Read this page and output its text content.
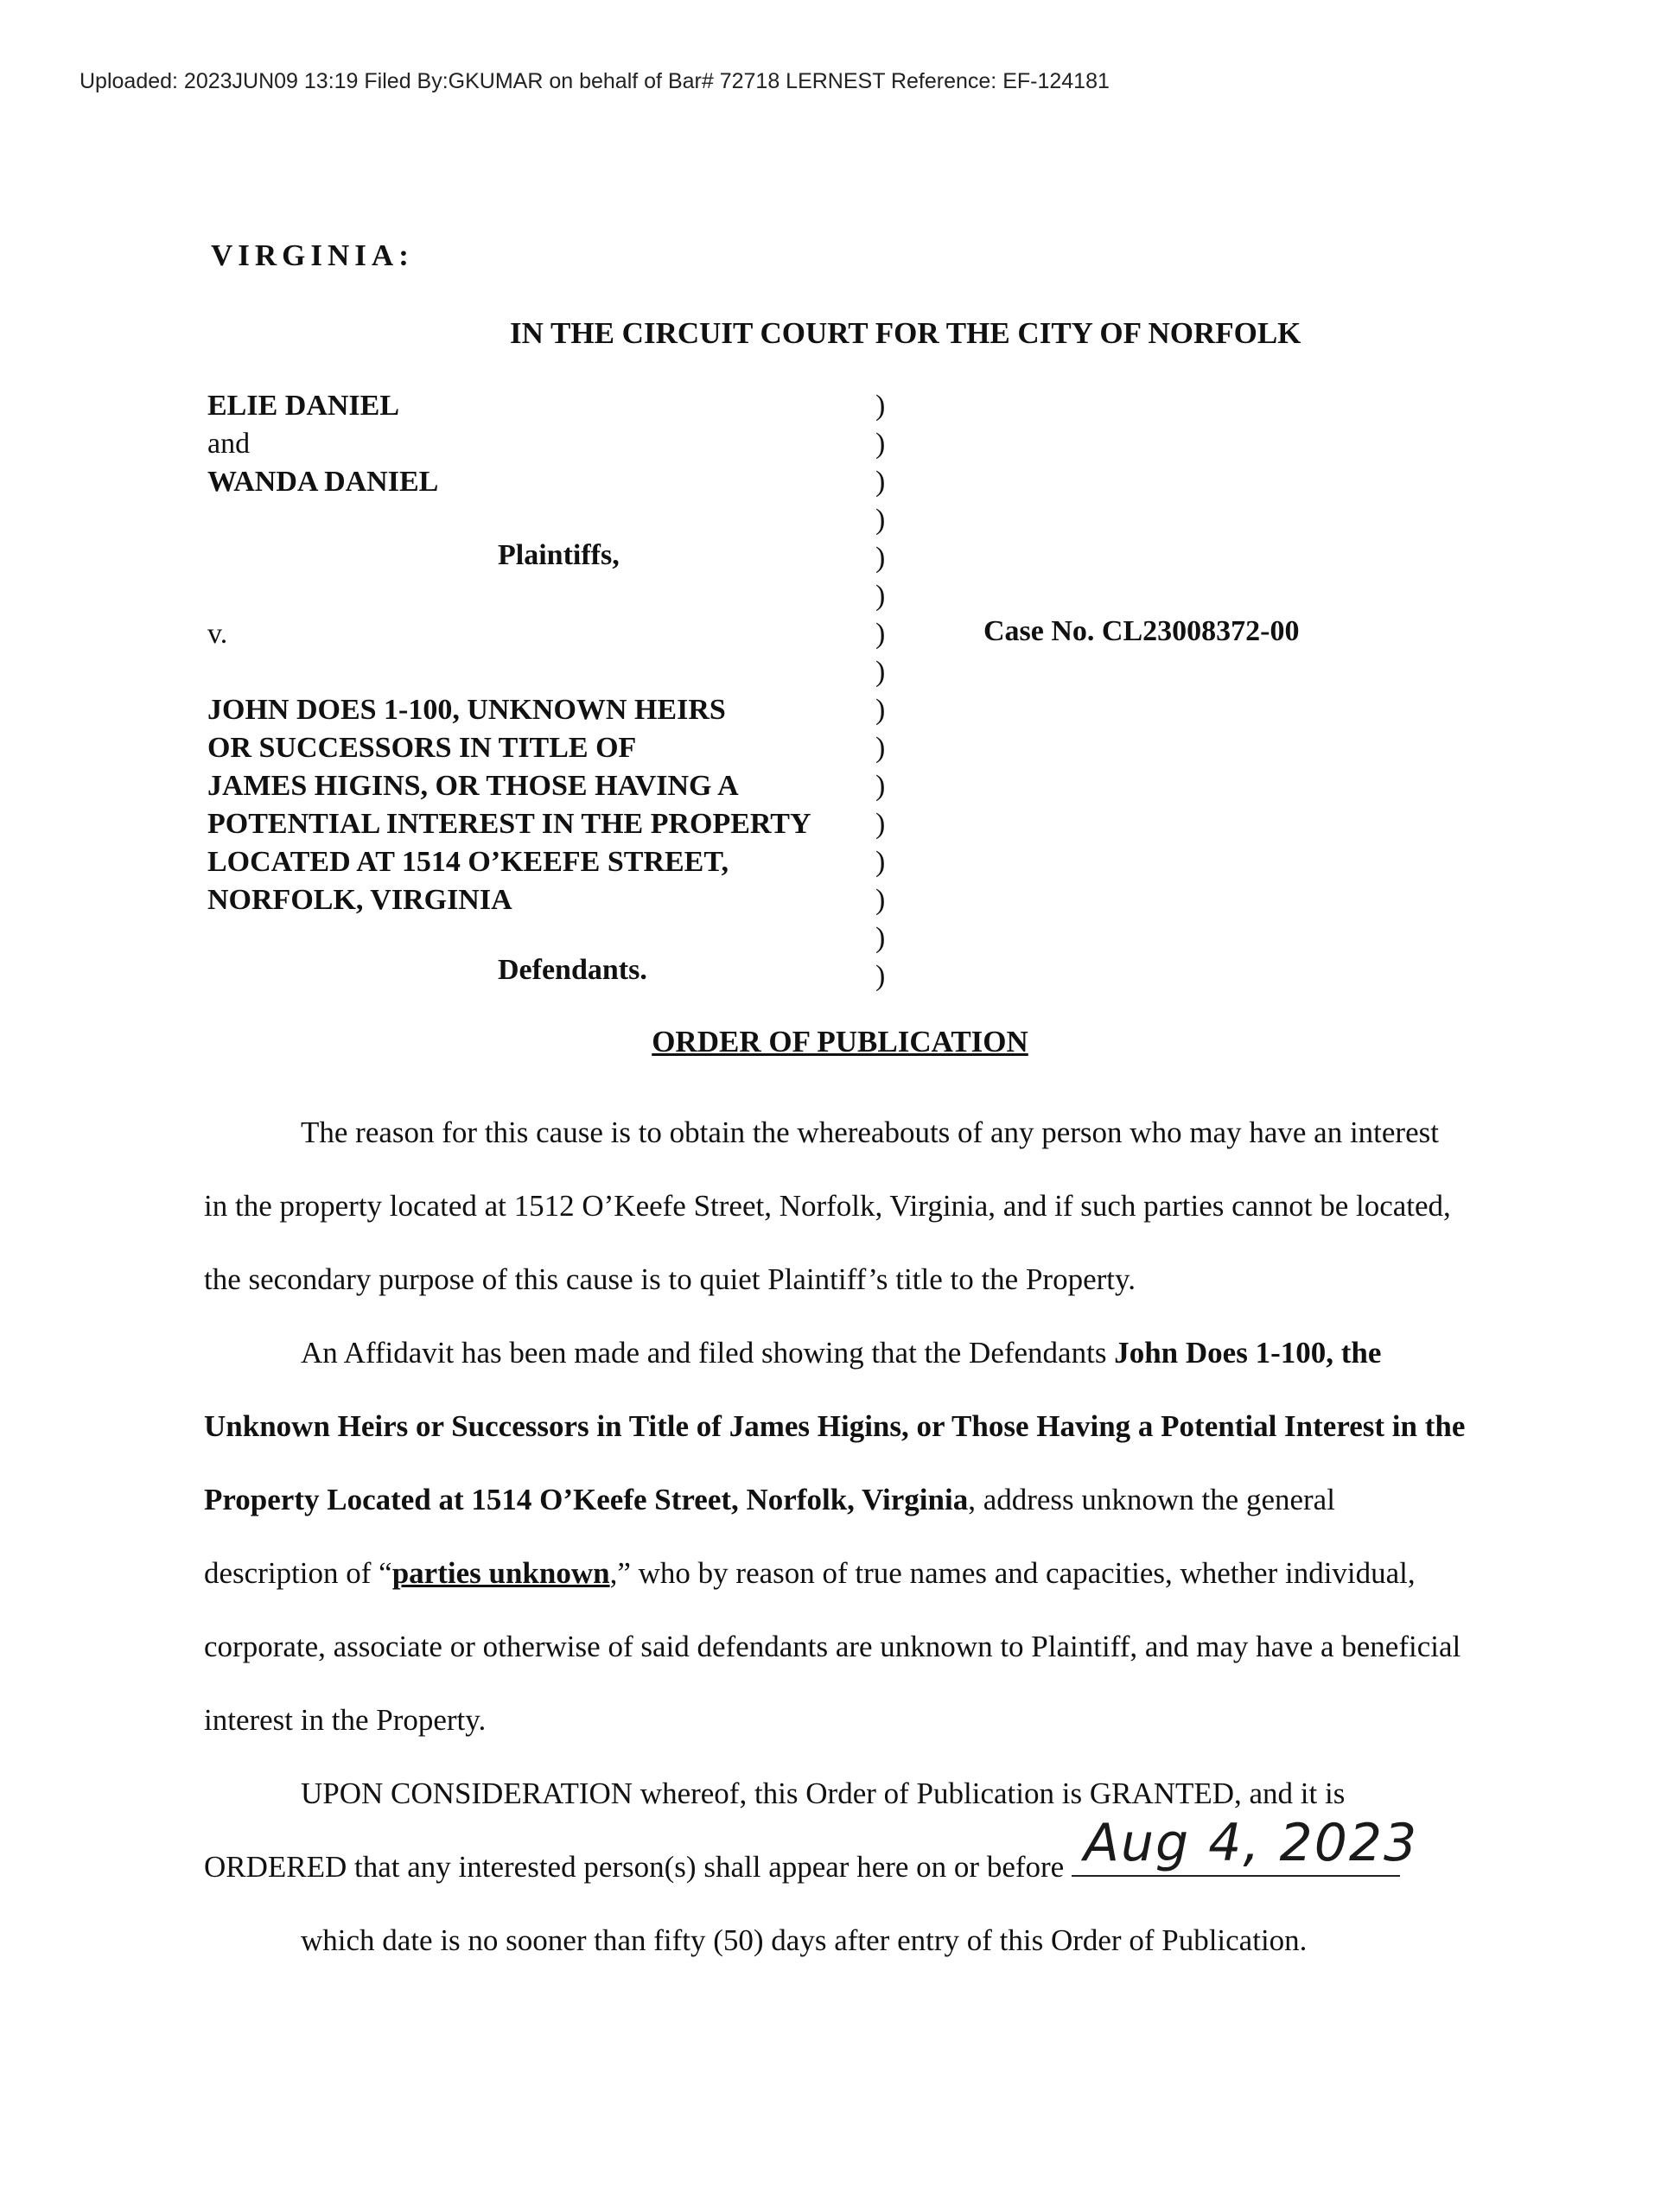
Uploaded: 2023JUN09 13:19 Filed By:GKUMAR on behalf of Bar# 72718 LERNEST Reference: EF-124181
VIRGINIA:
IN THE CIRCUIT COURT FOR THE CITY OF NORFOLK
ELIE DANIEL
and
WANDA DANIEL
Plaintiffs,
v.
JOHN DOES 1-100, UNKNOWN HEIRS
OR SUCCESSORS IN TITLE OF
JAMES HIGINS, OR THOSE HAVING A
POTENTIAL INTEREST IN THE PROPERTY
LOCATED AT 1514 O’KEEFE STREET,
NORFOLK, VIRGINIA
Defendants.
)
)
)
)
)
)
)
)
)
)
)
)
)
)
)
)
Case No. CL23008372-00
ORDER OF PUBLICATION

The reason for this cause is to obtain the whereabouts of any person who may have an interest in the property located at 1512 O’Keefe Street, Norfolk, Virginia, and if such parties cannot be located, the secondary purpose of this cause is to quiet Plaintiff’s title to the Property.

An Affidavit has been made and filed showing that the Defendants John Does 1-100, the Unknown Heirs or Successors in Title of James Higins, or Those Having a Potential Interest in the Property Located at 1514 O’Keefe Street, Norfolk, Virginia, address unknown the general description of “parties unknown,” who by reason of true names and capacities, whether individual, corporate, associate or otherwise of said defendants are unknown to Plaintiff, and may have a beneficial interest in the Property.

UPON CONSIDERATION whereof, this Order of Publication is GRANTED, and it is

ORDERED that any interested person(s) shall appear here on or before Aug 4, 2023

which date is no sooner than fifty (50) days after entry of this Order of Publication.
